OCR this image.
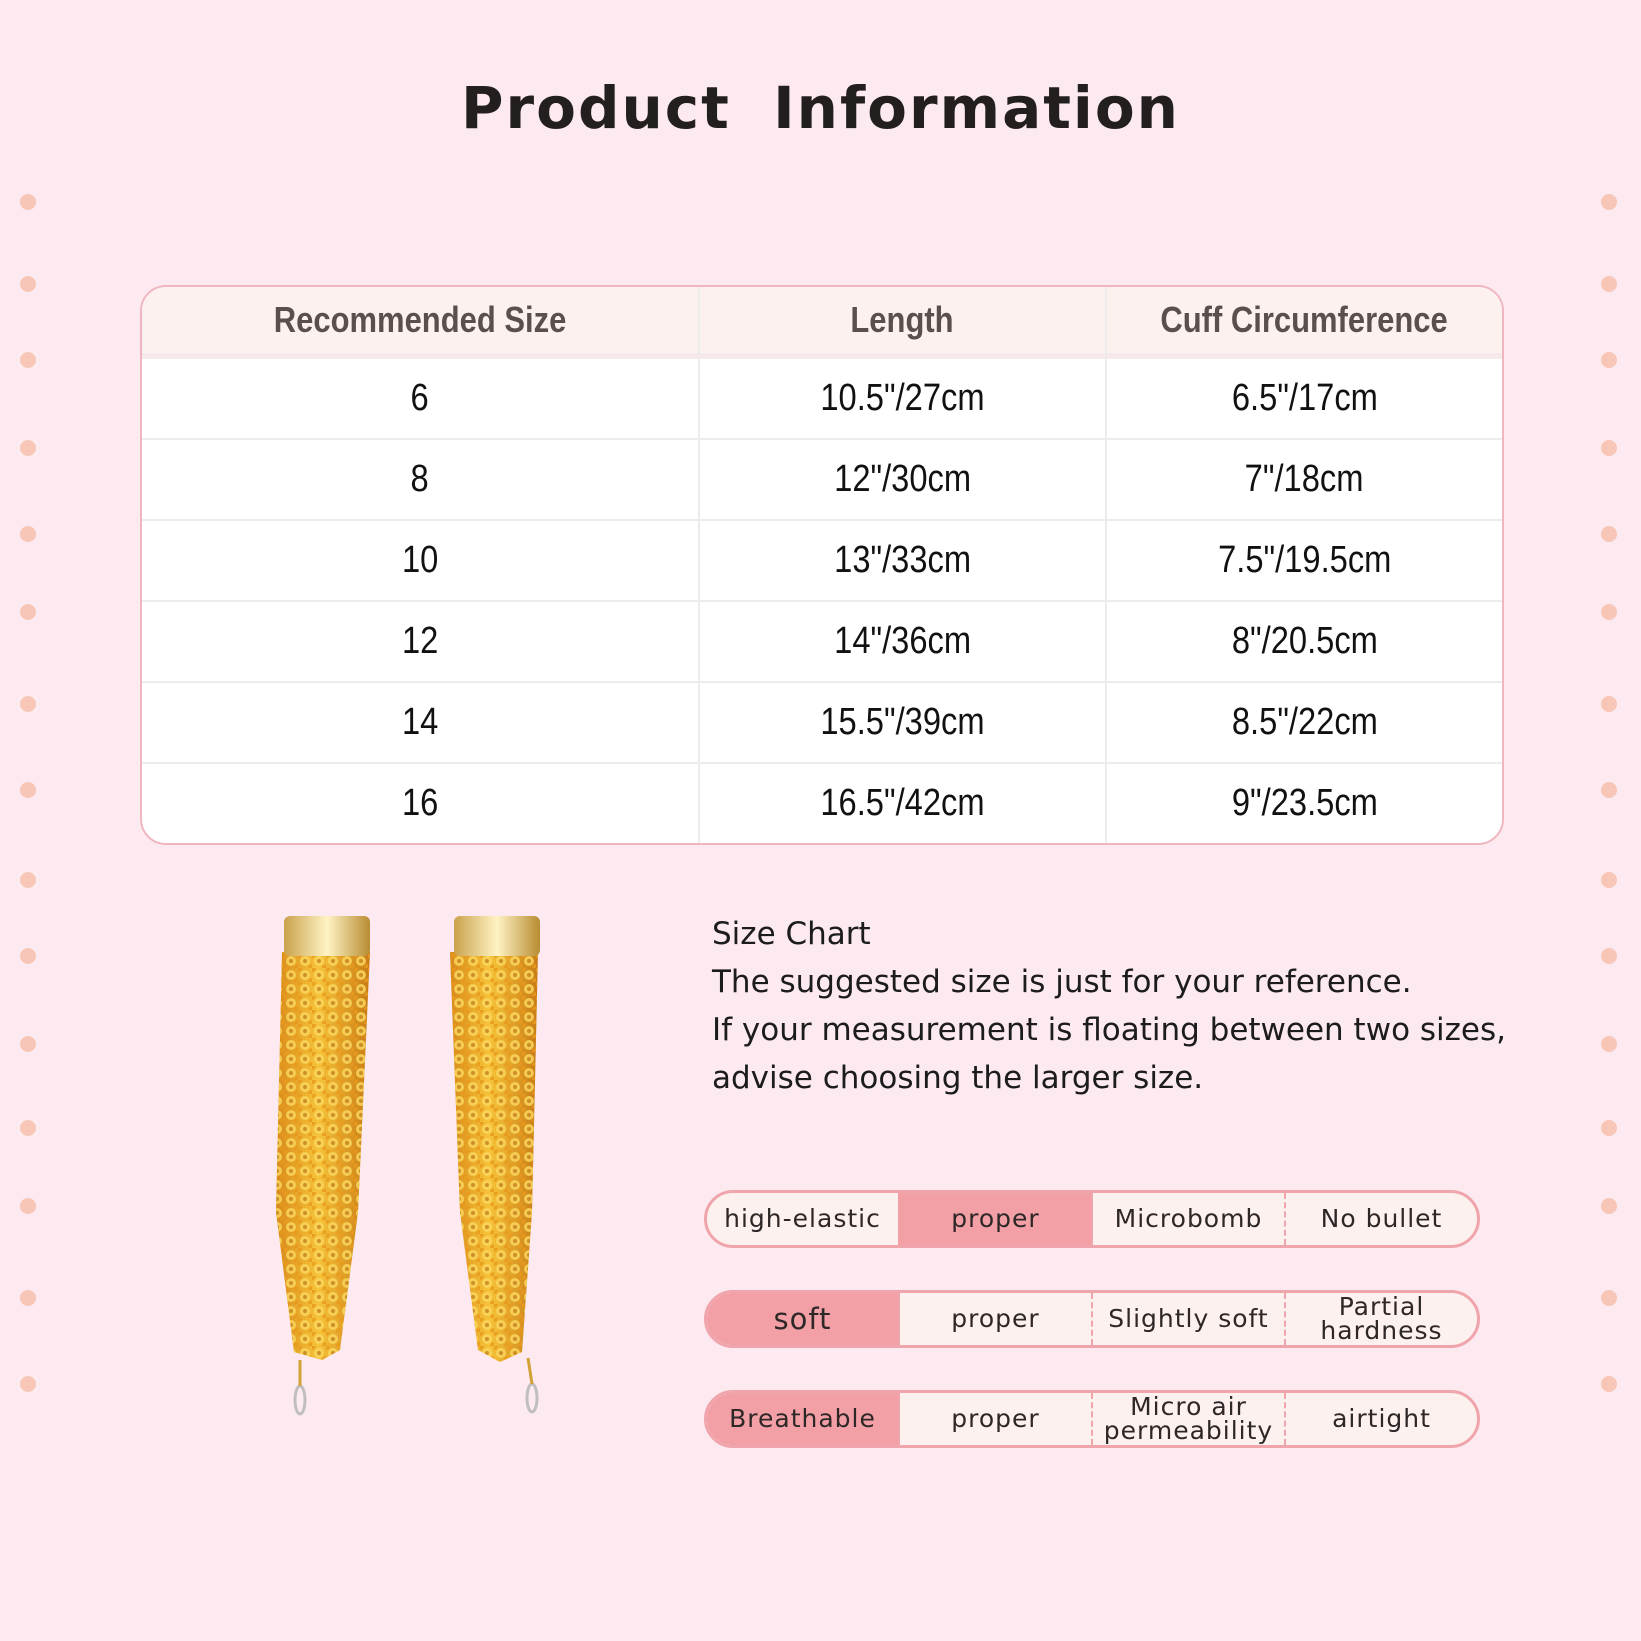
Product Information
Recommended Size	Length	Cuff Circumference
6	10.5"/27cm	6.5"/17cm
8	12"/30cm	7"/18cm
10	13"/33cm	7.5"/19.5cm
12	14"/36cm	8"/20.5cm
14	15.5"/39cm	8.5"/22cm
16	16.5"/42cm	9"/23.5cm

Size Chart

The suggested size is just for your reference.

If your measurement is floating between two sizes,

advise choosing the larger size.

high-elastic	proper	Microbomb	No bullet
soft	proper	Slightly soft	Partial hardness
Breathable	proper	Micro air permeability	airtight
